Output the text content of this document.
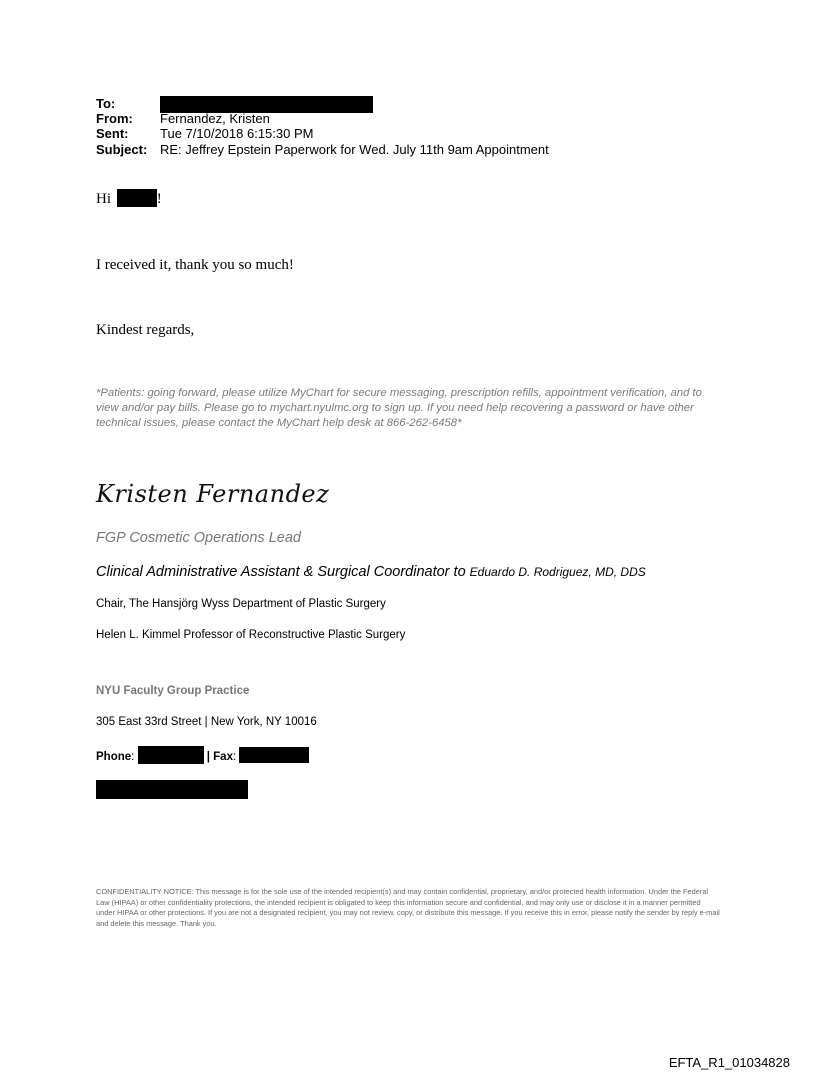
To:
From: Fernandez, Kristen
Sent: Tue 7/10/2018 6:15:30 PM
Subject: RE: Jeffrey Epstein Paperwork for Wed. July 11th 9am Appointment
Hi	!
I received it, thank you so much!
Kindest regards,
*Patients: going forward, please utilize MyChart for secure messaging, prescription refills, appointment verification, and to view and/or pay bills. Please go to mychart.nyulmc.org to sign up. If you need help recovering a password or have other technical issues, please contact the MyChart help desk at 866-262-6458*
Kristen Fernandez
FGP Cosmetic Operations Lead
Clinical Administrative Assistant & Surgical Coordinator to Eduardo D. Rodriguez, MD, DDS
Chair, The Hansjörg Wyss Department of Plastic Surgery
Helen L. Kimmel Professor of Reconstructive Plastic Surgery
NYU Faculty Group Practice
305 East 33rd Street | New York, NY 10016
Phone:	| Fax:
CONFIDENTIALITY NOTICE: This message is for the sole use of the intended recipient(s) and may contain confidential, proprietary, and/or protected health information. Under the Federal Law (HIPAA) or other confidentiality protections, the intended recipient is obligated to keep this information secure and confidential, and may only use or disclose it in a manner permitted under HIPAA or other protections. If you are not a designated recipient, you may not review, copy, or distribute this message. If you receive this in error, please notify the sender by reply e-mail and delete this message. Thank you.
EFTA_R1_01034828
